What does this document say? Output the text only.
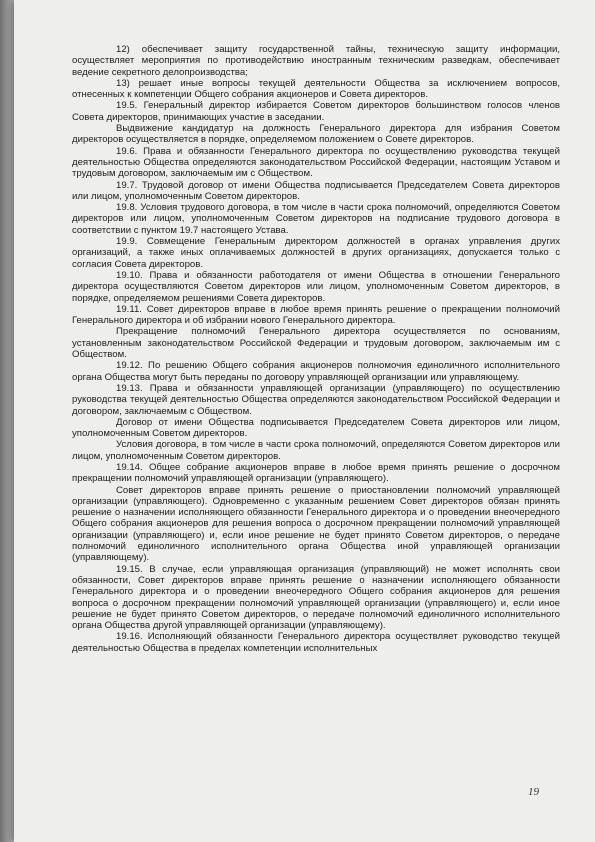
12) обеспечивает защиту государственной тайны, техническую защиту информации, осуществляет мероприятия по противодействию иностранным техническим разведкам, обеспечивает ведение секретного делопроизводства;

13) решает иные вопросы текущей деятельности Общества за исключением вопросов, отнесенных к компетенции Общего собрания акционеров и Совета директоров.

19.5. Генеральный директор избирается Советом директоров большинством голосов членов Совета директоров, принимающих участие в заседании.

Выдвижение кандидатур на должность Генерального директора для избрания Советом директоров осуществляется в порядке, определяемом положением о Совете директоров.

19.6. Права и обязанности Генерального директора по осуществлению руководства текущей деятельностью Общества определяются законодательством Российской Федерации, настоящим Уставом и трудовым договором, заключаемым им с Обществом.

19.7. Трудовой договор от имени Общества подписывается Председателем Совета директоров или лицом, уполномоченным Советом директоров.

19.8. Условия трудового договора, в том числе в части срока полномочий, определяются Советом директоров или лицом, уполномоченным Советом директоров на подписание трудового договора в соответствии с пунктом 19.7 настоящего Устава.

19.9. Совмещение Генеральным директором должностей в органах управления других организаций, а также иных оплачиваемых должностей в других организациях, допускается только с согласия Совета директоров.

19.10. Права и обязанности работодателя от имени Общества в отношении Генерального директора осуществляются Советом директоров или лицом, уполномоченным Советом директоров, в порядке, определяемом решениями Совета директоров.

19.11. Совет директоров вправе в любое время принять решение о прекращении полномочий Генерального директора и об избрании нового Генерального директора.

Прекращение полномочий Генерального директора осуществляется по основаниям, установленным законодательством Российской Федерации и трудовым договором, заключаемым им с Обществом.

19.12. По решению Общего собрания акционеров полномочия единоличного исполнительного органа Общества могут быть переданы по договору управляющей организации или управляющему.

19.13. Права и обязанности управляющей организации (управляющего) по осуществлению руководства текущей деятельностью Общества определяются законодательством Российской Федерации и договором, заключаемым с Обществом.

Договор от имени Общества подписывается Председателем Совета директоров или лицом, уполномоченным Советом директоров.

Условия договора, в том числе в части срока полномочий, определяются Советом директоров или лицом, уполномоченным Советом директоров.

19.14. Общее собрание акционеров вправе в любое время принять решение о досрочном прекращении полномочий управляющей организации (управляющего).

Совет директоров вправе принять решение о приостановлении полномочий управляющей организации (управляющего). Одновременно с указанным решением Совет директоров обязан принять решение о назначении исполняющего обязанности Генерального директора и о проведении внеочередного Общего собрания акционеров для решения вопроса о досрочном прекращении полномочий управляющей организации (управляющего) и, если иное решение не будет принято Советом директоров, о передаче полномочий единоличного исполнительного органа Общества иной управляющей организации (управляющему).

19.15. В случае, если управляющая организация (управляющий) не может исполнять свои обязанности, Совет директоров вправе принять решение о назначении исполняющего обязанности Генерального директора и о проведении внеочередного Общего собрания акционеров для решения вопроса о досрочном прекращении полномочий управляющей организации (управляющего) и, если иное решение не будет принято Советом директоров, о передаче полномочий единоличного исполнительного органа Общества другой управляющей организации (управляющему).

19.16. Исполняющий обязанности Генерального директора осуществляет руководство текущей деятельностью Общества в пределах компетенции исполнительных

19
